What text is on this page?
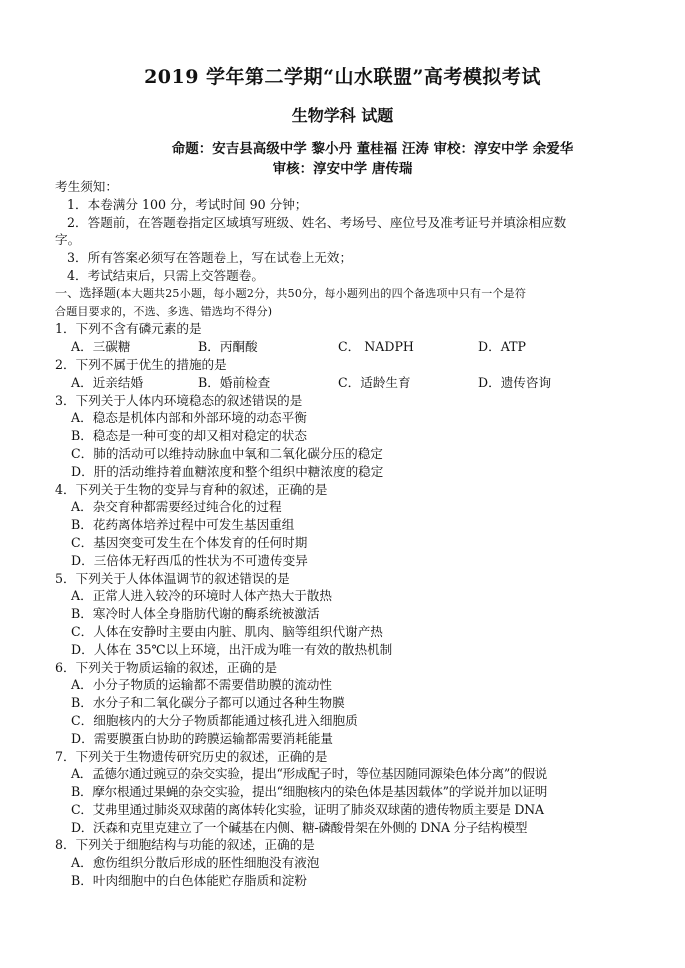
2019 学年第二学期“山水联盟”高考模拟考试
生物学科 试题
命题：安吉县高级中学 黎小丹 董桂福 汪涛 审校：淳安中学 余爱华
审核：淳安中学 唐传瑞
考生须知：
1．本卷满分 100 分，考试时间 90 分钟；
2．答题前，在答题卷指定区域填写班级、姓名、考场号、座位号及准考证号并填涂相应数
字。
3．所有答案必须写在答题卷上，写在试卷上无效；
4．考试结束后，只需上交答题卷。
一、选择题(本大题共25小题，每小题2分，共50分，每小题列出的四个备选项中只有一个是符
合题目要求的，不选、多选、错选均不得分)
1．下列不含有磷元素的是
A．三碳糖	B．丙酮酸	C． NADPH	D．ATP
2．下列不属于优生的措施的是
A．近亲结婚	B．婚前检查	C．适龄生育	D．遗传咨询
3．下列关于人体内环境稳态的叙述错误的是
A．稳态是机体内部和外部环境的动态平衡
B．稳态是一种可变的却又相对稳定的状态
C．肺的活动可以维持动脉血中氧和二氧化碳分压的稳定
D．肝的活动维持着血糖浓度和整个组织中糖浓度的稳定
4．下列关于生物的变异与育种的叙述，正确的是
A．杂交育种都需要经过纯合化的过程
B．花药离体培养过程中可发生基因重组
C．基因突变可发生在个体发育的任何时期
D．三倍体无籽西瓜的性状为不可遗传变异
5．下列关于人体体温调节的叙述错误的是
A．正常人进入较冷的环境时人体产热大于散热
B．寒冷时人体全身脂肪代谢的酶系统被激活
C．人体在安静时主要由内脏、肌肉、脑等组织代谢产热
D．人体在 35℃以上环境，出汗成为唯一有效的散热机制
6．下列关于物质运输的叙述，正确的是
A．小分子物质的运输都不需要借助膜的流动性
B．水分子和二氧化碳分子都可以通过各种生物膜
C．细胞核内的大分子物质都能通过核孔进入细胞质
D．需要膜蛋白协助的跨膜运输都需要消耗能量
7．下列关于生物遗传研究历史的叙述，正确的是
A．孟德尔通过豌豆的杂交实验，提出“形成配子时，等位基因随同源染色体分离”的假说
B．摩尔根通过果蝇的杂交实验，提出“细胞核内的染色体是基因载体”的学说并加以证明
C．艾弗里通过肺炎双球菌的离体转化实验，证明了肺炎双球菌的遗传物质主要是 DNA
D．沃森和克里克建立了一个碱基在内侧、糖-磷酸骨架在外侧的 DNA 分子结构模型
8．下列关于细胞结构与功能的叙述，正确的是
A．愈伤组织分散后形成的胚性细胞没有液泡
B．叶肉细胞中的白色体能贮存脂质和淀粉
